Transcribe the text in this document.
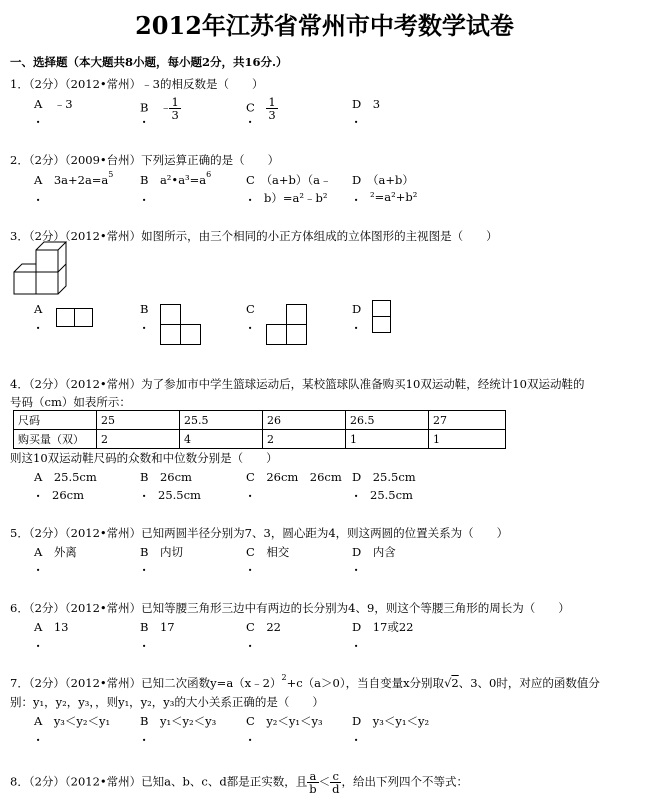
2012年江苏省常州市中考数学试卷
一、选择题（本大题共8小题，每小题2分，共16分.）
1．（2分）（2012•常州）﹣3的相反数是（　　）
A　 ﹣3	B　 ﹣
$\frac{1}{3}$	C　 $\frac{1}{3}$	D　 3
.	.	.	.
2．（2分）（2009•台州）下列运算正确的是（　　）
A　 $3a+2a=a^5$ B　 $a^2•a^3=a^6$	C　 （a+b）（a﹣
b）=a²﹣b²
D　 （a+b）
²=a²+b²
.	.	.	.
3．（2分）（2012•常州）如图所示，由三个相同的小正方体组成的立体图形的主视图是（　　）
A	B	C	D
.	.	.	.
4．（2分）（2012•常州）为了参加市中学生篮球运动后，某校篮球队准备购买10双运动鞋，经统计10双运动鞋的
号码（cm）如表所示：
尺码	25	25.5	26	26.5	27
购买量（双）	2	4	2	1	1
则这10双运动鞋尺码的众数和中位数分别是（　　）
A　 25.5cm
26cm
B　 26cm
25.5cm
C　 26cm　26cm D　 25.5cm
25.5cm
.	.	.	.
5．（2分）（2012•常州）已知两圆半径分别为7、3，圆心距为4，则这两圆的位置关系为（　　）
A　 外离	B　 内切	C　 相交	D　 内含
.	.	.	.
6．（2分）（2012•常州）已知等腰三角形三边中有两边的长分别为4、9，则这个等腰三角形的周长为（　　）
A　 13	B　 17	C　 22	D　 17或22
.	.	.	.
7．（2分）（2012•常州）已知二次函数y=a（x﹣2）$^2$+c（a＞0），当自变量x分别取√2、3、0时，对应的函数值分
别：y₁，y₂，y₃，，则y₁，y₂，y₃的大小关系正确的是（　　）
A　 y₃＜y₂＜y₁	B　 y₁＜y₂＜y₃	C　 y₂＜y₁＜y₃	D　 y₃＜y₁＜y₂
.	.	.	.
8．（2分）（2012•常州）已知a、b、c、d都是正实数，且 $\frac{a}{b} < \frac{c}{d}$ ，给出下列四个不等式：
